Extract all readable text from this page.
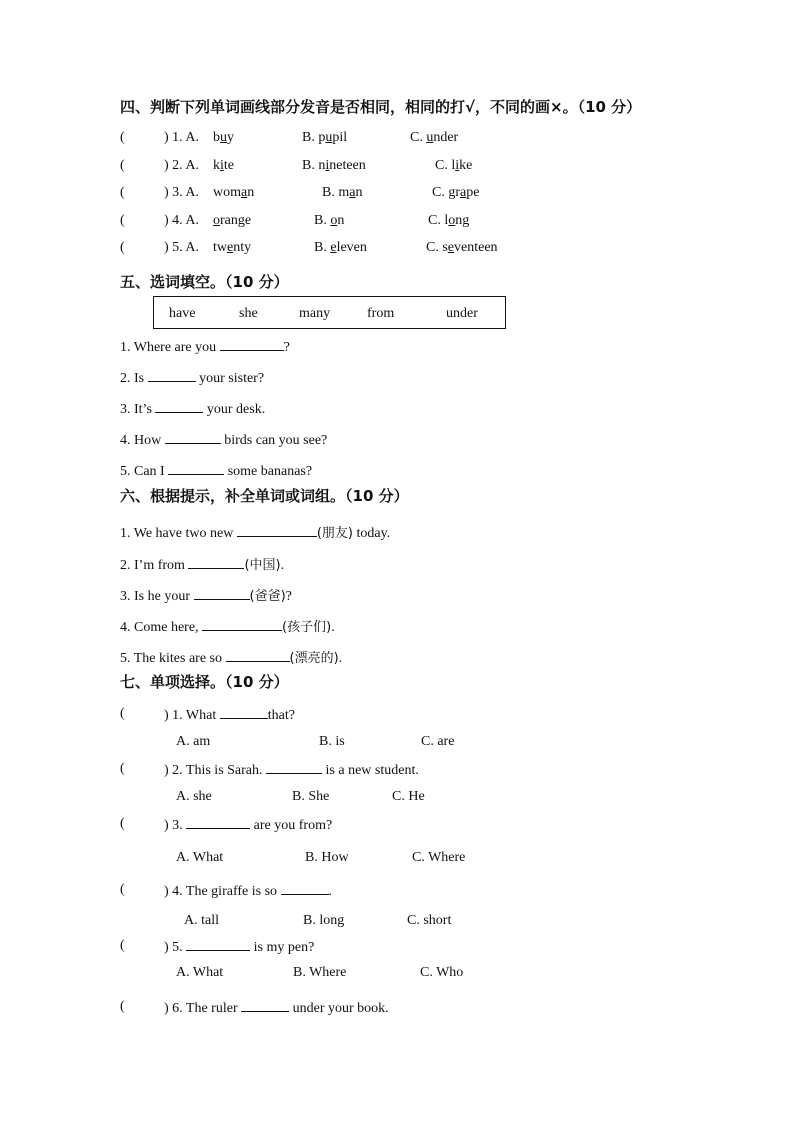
四、判断下列单词画线部分发音是否相同，相同的打√，不同的画×。（10 分）
(	) 1. A. buy	B. pupil	C. under
(	) 2. A. kite	B. nineteen	C. like
(	) 3. A. woman	B. man	C. grape
(	) 4. A. orange	B. on	C. long
(	) 5. A. twenty	B. eleven	C. seventeen
五、选词填空。（10 分）
have	she	many	from	under
1. Where are you	?
2. Is	your sister?
3. It’s	your desk.
4. How	birds can you see?
5. Can I	some bananas?
六、根据提示，补全单词或词组。（10 分）
1. We have two new	(朋友) today.
2. I’m from	(中国).
3. Is he your	(爸爸)?
4. Come here,	(孩子们).
5. The kites are so	(漂亮的).
七、单项选择。（10 分）
(	) 1. What	that?
A. am	B. is	C. are
(	) 2. This is Sarah.	is a new student.
A. she	B. She	C. He
(	) 3.	are you from?
A. What	B. How	C. Where
(	) 4. The giraffe is so	.
A. tall	B. long	C. short
(	) 5.	is my pen?
A. What	B. Where	C. Who
(	) 6. The ruler	under your book.
